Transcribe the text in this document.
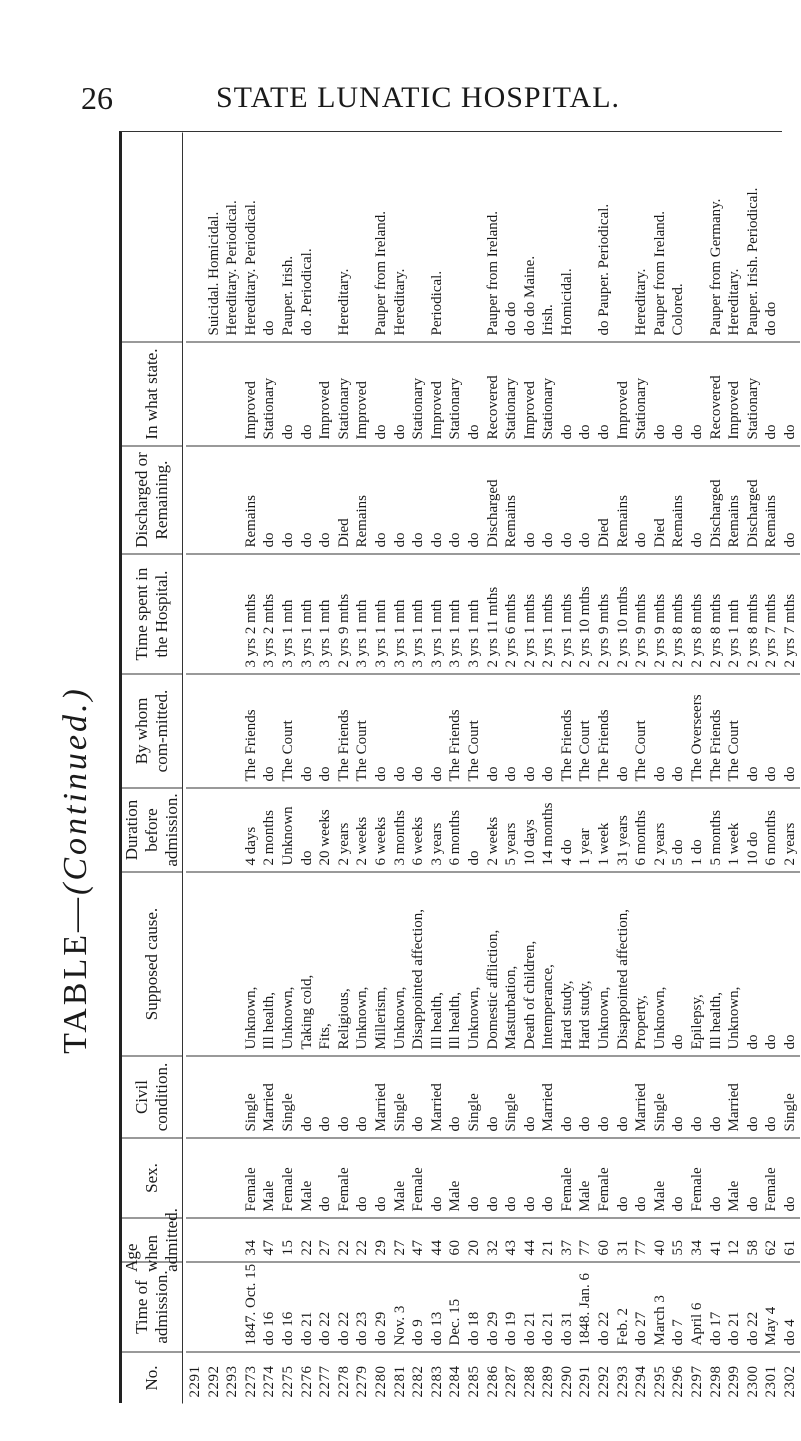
26	STATE LUNATIC HOSPITAL.
TABLE—(Continued.)
No.
Time of admission.
Age when admitted.
Sex.
Civil condition.
Supposed cause.
Duration before admission.
By whom com-mitted.
Time spent in the Hospital.
Discharged or Remaining.
In what state.
2291 2292
Suicidal. Homicidal.
2293
Hereditary. Periodical.
2273
1847. Oct. 15
34
Female
Single
Unknown,
4 days
The Friends
3 yrs 2 mths
Remains
Improved
Hereditary. Periodical.
2274
do 16
47
Male
Married
Ill health,
2 months
do
3 yrs 2 mths
do
Stationary
do
2275
do 16
15
Female
Single
Unknown,
Unknown
The Court
3 yrs 1 mth
do
do
Pauper. Irish.
2276
do 21
22
Male
do
Taking cold,
do
do
3 yrs 1 mth
do
do
do .Periodical.
2277
do 22
27
do
do
Fits,
20 weeks
do
3 yrs 1 mth
do
Improved
2278
do 22
22
Female
do
Religious,
2 years
The Friends
2 yrs 9 mths
Died
Stationary
Hereditary.
2279
do 23
22
do
do
Unknown,
2 weeks
The Court
3 yrs 1 mth
Remains
Improved
2280
do 29
29
do
Married
Millerism,
6 weeks
do
3 yrs 1 mth
do
do
Pauper from Ireland.
2281
Nov. 3
27
Male
Single
Unknown,
3 months
do
3 yrs 1 mth
do
do
Hereditary.
2282
do 9
47
Female
do
Disappointed affection,
6 weeks
do
3 yrs 1 mth
do
Stationary
2283
do 13
44
do
Married
Ill health,
3 years
do
3 yrs 1 mth
do
Improved
Periodical.
2284
Dec. 15
60
Male
do
Ill health,
6 months
The Friends
3 yrs 1 mth
do
Stationary
2285
do 18
20
do
Single
Unknown,
do
The Court
3 yrs 1 mth
do
do
2286
do 29
32
do
do
Domestic affliction,
2 weeks
do
2 yrs 11 mths
Discharged
Recovered
Pauper from Ireland.
2287
do 19
43
do
Single
Masturbation,
5 years
do
2 yrs 6 mths
Remains
Stationary
do do
2288
do 21
44
do
do
Death of children,
10 days
do
2 yrs 1 mths
do
Improved
do do Maine.
2289
do 21
21
do
Married
Intemperance,
14 months
do
2 yrs 1 mths
do
Stationary
Irish.
2290
do 31
37
Female
do
Hard study,
4 do
The Friends
2 yrs 1 mths
do
do
Homicidal.
2291
1848. Jan. 6
77
Male
do
Hard study,
1 year
The Court
2 yrs 10 mths
do
do
2292
do 22
60
Female
do
Unknown,
1 week
The Friends
2 yrs 9 mths
Died
do
do Pauper. Periodical.
2293
Feb. 2
31
do
do
Disappointed affection,
31 years
do
2 yrs 10 mths
Remains
Improved
2294
do 27
77
do
Married
Property,
6 months
The Court
2 yrs 9 mths
do
Stationary
Hereditary.
2295
March 3
40
Male
Single
Unknown,
2 years
do
2 yrs 9 mths
Died
do
Pauper from Ireland.
2296
do 7
55
do
do
do
5 do
do
2 yrs 8 mths
Remains
do
Colored.
2297
April 6
34
Female
do
Epilepsy,
1 do
The Overseers
2 yrs 8 mths
do
do
2298
do 17
41
do
do
Ill health,
5 months
The Friends
2 yrs 8 mths
Discharged
Recovered
Pauper from Germany.
2299
do 21
12
Male
Married
Unknown,
1 week
The Court
2 yrs 1 mth
Remains
Improved
Hereditary.
2300
do 22
58
do
do
do
10 do
do
2 yrs 8 mths
Discharged
Stationary
Pauper. Irish. Periodical.
2301
May 4
62
Female
do
do
6 months
do
2 yrs 7 mths
Remains
do
do do
2302
do 4
61
do
Single
do
2 years
do
2 yrs 7 mths
do
do
